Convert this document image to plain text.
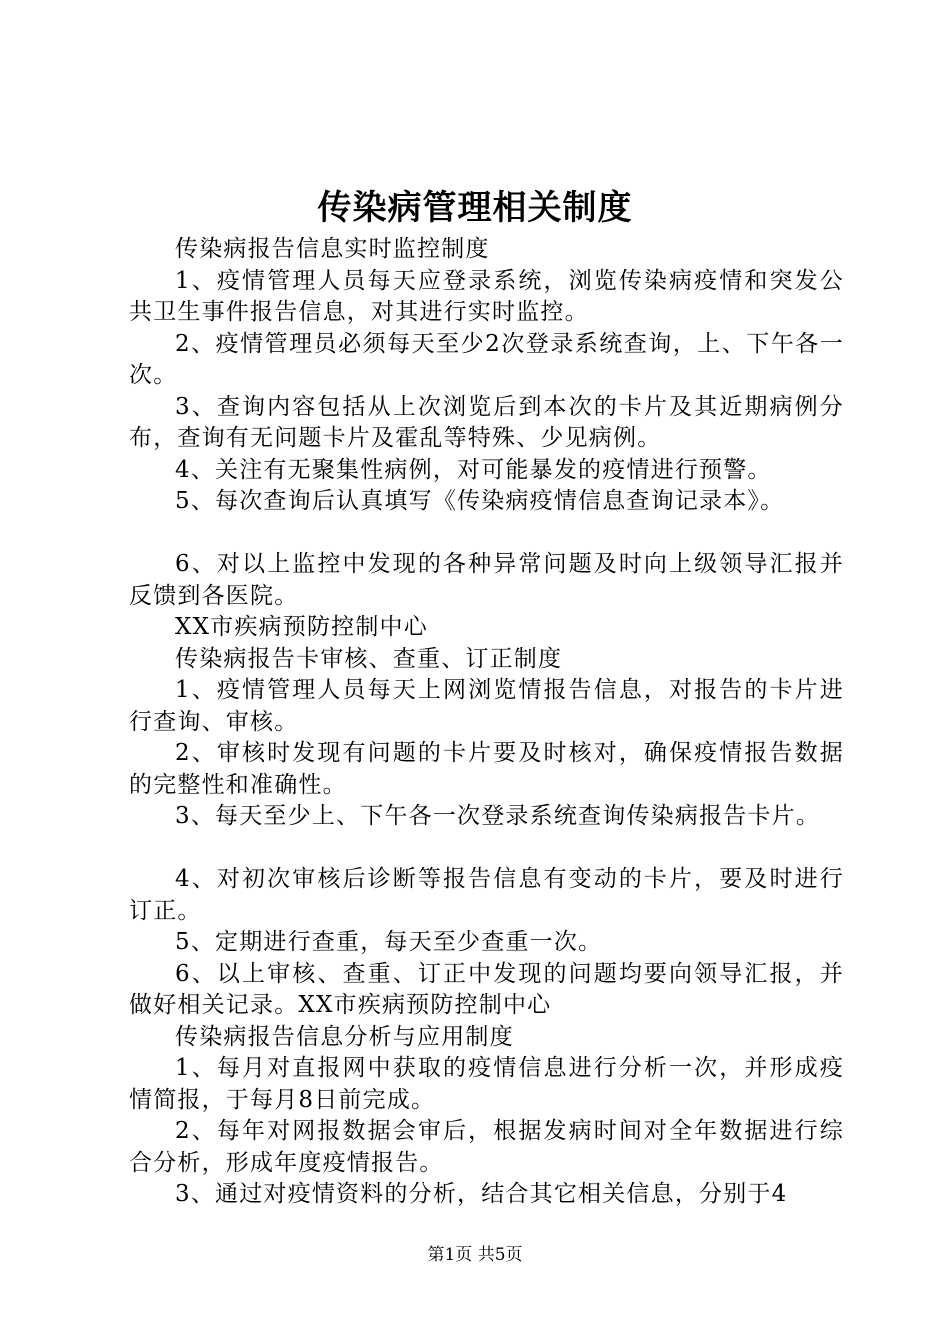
传染病管理相关制度

传染病报告信息实时监控制度

1、疫情管理人员每天应登录系统，浏览传染病疫情和突发公共卫生事件报告信息，对其进行实时监控。

2、疫情管理员必须每天至少2次登录系统查询，上、下午各一次。

3、查询内容包括从上次浏览后到本次的卡片及其近期病例分布，查询有无问题卡片及霍乱等特殊、少见病例。

4、关注有无聚集性病例，对可能暴发的疫情进行预警。

5、每次查询后认真填写《传染病疫情信息查询记录本》。

6、对以上监控中发现的各种异常问题及时向上级领导汇报并反馈到各医院。

XX市疾病预防控制中心

传染病报告卡审核、查重、订正制度

1、疫情管理人员每天上网浏览情报告信息，对报告的卡片进行查询、审核。

2、审核时发现有问题的卡片要及时核对，确保疫情报告数据的完整性和准确性。

3、每天至少上、下午各一次登录系统查询传染病报告卡片。

4、对初次审核后诊断等报告信息有变动的卡片，要及时进行订正。

5、定期进行查重，每天至少查重一次。

6、以上审核、查重、订正中发现的问题均要向领导汇报，并做好相关记录。XX市疾病预防控制中心

传染病报告信息分析与应用制度

1、每月对直报网中获取的疫情信息进行分析一次，并形成疫情简报，于每月8日前完成。

2、每年对网报数据会审后，根据发病时间对全年数据进行综合分析，形成年度疫情报告。

3、通过对疫情资料的分析，结合其它相关信息，分别于4

第1页 共5页
